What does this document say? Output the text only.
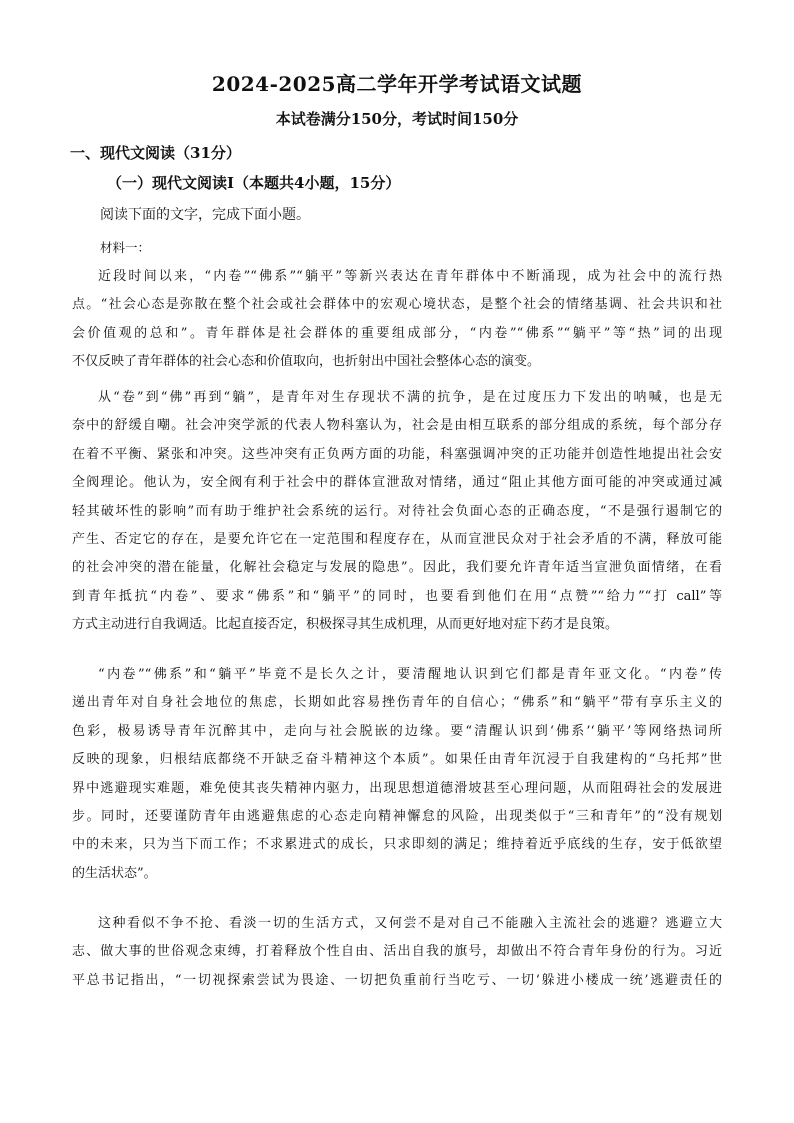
2024-2025高二学年开学考试语文试题
本试卷满分150分，考试时间150分
一、现代文阅读（31分）
（一）现代文阅读Ⅰ（本题共4小题，15分）
阅读下面的文字，完成下面小题。
材料一：
近段时间以来，“内卷”“佛系”“躺平”等新兴表达在青年群体中不断涌现，成为社会中的流行热
点。“社会心态是弥散在整个社会或社会群体中的宏观心境状态，是整个社会的情绪基调、社会共识和社
会价值观的总和”。青年群体是社会群体的重要组成部分，“内卷”“佛系”“躺平”等“热”词的出现
不仅反映了青年群体的社会心态和价值取向，也折射出中国社会整体心态的演变。
从“卷”到“佛”再到“躺”，是青年对生存现状不满的抗争，是在过度压力下发出的呐喊，也是无
奈中的舒缓自嘲。社会冲突学派的代表人物科塞认为，社会是由相互联系的部分组成的系统，每个部分存
在着不平衡、紧张和冲突。这些冲突有正负两方面的功能，科塞强调冲突的正功能并创造性地提出社会安
全阀理论。他认为，安全阀有利于社会中的群体宣泄敌对情绪，通过“阻止其他方面可能的冲突或通过减
轻其破坏性的影响”而有助于维护社会系统的运行。对待社会负面心态的正确态度，“不是强行遏制它的
产生、否定它的存在，是要允许它在一定范围和程度存在，从而宣泄民众对于社会矛盾的不满，释放可能
的社会冲突的潜在能量，化解社会稳定与发展的隐患”。因此，我们要允许青年适当宣泄负面情绪，在看
到青年抵抗“内卷”、要求“佛系”和“躺平”的同时，也要看到他们在用“点赞”“给力”“打 call”等
方式主动进行自我调适。比起直接否定，积极探寻其生成机理，从而更好地对症下药才是良策。
“内卷”“佛系”和“躺平”毕竟不是长久之计，要清醒地认识到它们都是青年亚文化。“内卷”传
递出青年对自身社会地位的焦虑，长期如此容易挫伤青年的自信心；“佛系”和“躺平”带有享乐主义的
色彩，极易诱导青年沉醉其中，走向与社会脱嵌的边缘。要“清醒认识到‘佛系’‘躺平’等网络热词所
反映的现象，归根结底都绕不开缺乏奋斗精神这个本质”。如果任由青年沉浸于自我建构的“乌托邦”世
界中逃避现实难题，难免使其丧失精神内驱力，出现思想道德滑坡甚至心理问题，从而阻碍社会的发展进
步。同时，还要谨防青年由逃避焦虑的心态走向精神懈怠的风险，出现类似于“三和青年”的“没有规划
中的未来，只为当下而工作；不求累进式的成长，只求即刻的满足；维持着近乎底线的生存，安于低欲望
的生活状态”。
这种看似不争不抢、看淡一切的生活方式，又何尝不是对自己不能融入主流社会的逃避？逃避立大
志、做大事的世俗观念束缚，打着释放个性自由、活出自我的旗号，却做出不符合青年身份的行为。习近
平总书记指出，“一切视探索尝试为畏途、一切把负重前行当吃亏、一切‘躲进小楼成一统’逃避责任的
